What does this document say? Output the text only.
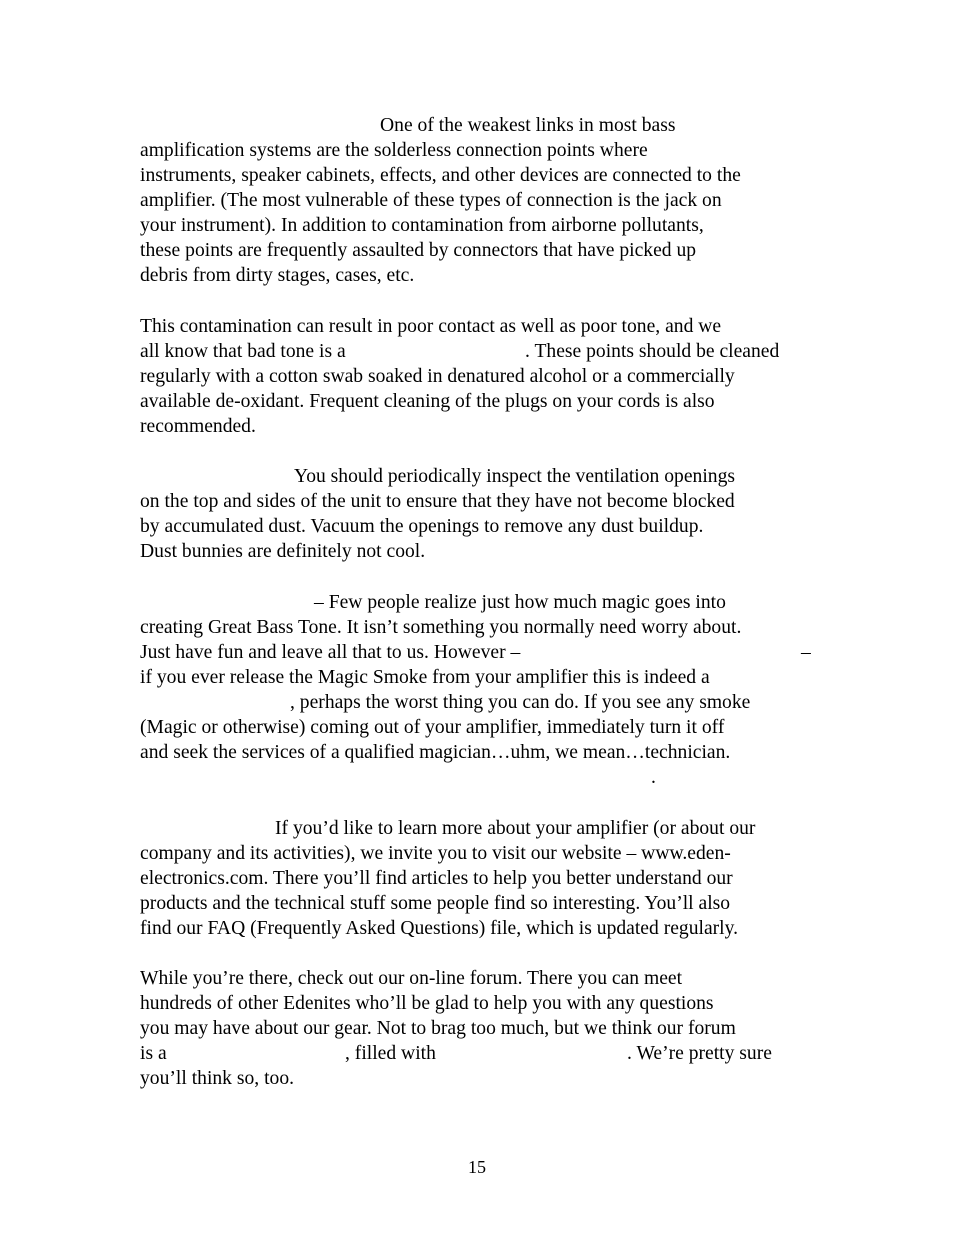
One of the weakest links in most bass

amplification systems are the solderless connection points where

instruments, speaker cabinets, effects, and other devices are connected to the

amplifier. (The most vulnerable of these types of connection is the jack on

your instrument). In addition to contamination from airborne pollutants,

these points are frequently assaulted by connectors that have picked up

debris from dirty stages, cases, etc.

This contamination can result in poor contact as well as poor tone, and we

all know that bad tone is a	. These points should be cleaned

regularly with a cotton swab soaked in denatured alcohol or a commercially

available de-oxidant. Frequent cleaning of the plugs on your cords is also

recommended.

You should periodically inspect the ventilation openings

on the top and sides of the unit to ensure that they have not become blocked

by accumulated dust. Vacuum the openings to remove any dust buildup.

Dust bunnies are definitely not cool.

– Few people realize just how much magic goes into

creating Great Bass Tone. It isn’t something you normally need worry about.

Just have fun and leave all that to us. However –	–

if you ever release the Magic Smoke from your amplifier this is indeed a

, perhaps the worst thing you can do. If you see any smoke

(Magic or otherwise) coming out of your amplifier, immediately turn it off

and seek the services of a qualified magician…uhm, we mean…technician.

.

If you’d like to learn more about your amplifier (or about our

company and its activities), we invite you to visit our website – www.eden-

electronics.com. There you’ll find articles to help you better understand our

products and the technical stuff some people find so interesting. You’ll also

find our FAQ (Frequently Asked Questions) file, which is updated regularly.

While you’re there, check out our on-line forum. There you can meet

hundreds of other Edenites who’ll be glad to help you with any questions

you may have about our gear. Not to brag too much, but we think our forum

is a	, filled with	. We’re pretty sure

you’ll think so, too.

15
